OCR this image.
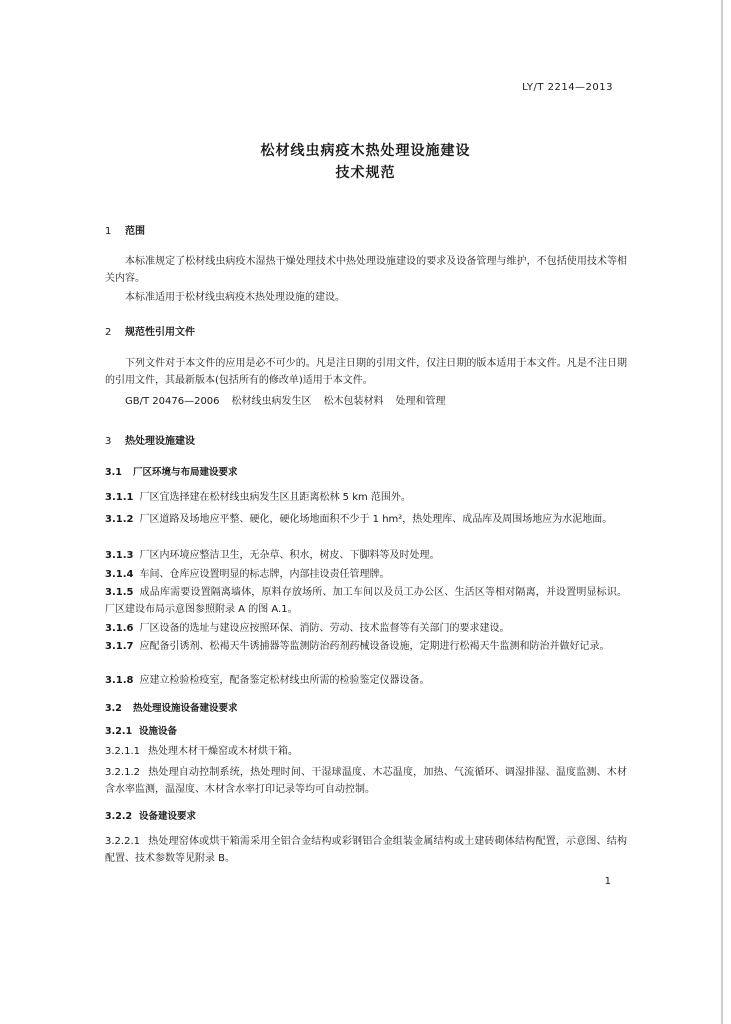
LY/T 2214—2013
松材线虫病疫木热处理设施建设
技术规范
1 范围
本标准规定了松材线虫病疫木湿热干燥处理技术中热处理设施建设的要求及设备管理与维护，不包括使用技术等相关内容。
本标准适用于松材线虫病疫木热处理设施的建设。
2 规范性引用文件
下列文件对于本文件的应用是必不可少的。凡是注日期的引用文件，仅注日期的版本适用于本文件。凡是不注日期的引用文件，其最新版本(包括所有的修改单)适用于本文件。
GB/T 20476—2006 松材线虫病发生区 松木包装材料 处理和管理
3 热处理设施建设
3.1 厂区环境与布局建设要求
3.1.1 厂区宜选择建在松材线虫病发生区且距离松林 5 km 范围外。
3.1.2 厂区道路及场地应平整、硬化，硬化场地面积不少于 1 hm²，热处理库、成品库及周围场地应为水泥地面。
3.1.3 厂区内环境应整洁卫生，无杂草、积水，树皮、下脚料等及时处理。
3.1.4 车间、仓库应设置明显的标志牌，内部挂设责任管理牌。
3.1.5 成品库需要设置隔离墙体，原料存放场所、加工车间以及员工办公区、生活区等相对隔离，并设置明显标识。厂区建设布局示意图参照附录 A 的图 A.1。
3.1.6 厂区设备的选址与建设应按照环保、消防、劳动、技术监督等有关部门的要求建设。
3.1.7 应配备引诱剂、松褐天牛诱捕器等监测防治药剂药械设备设施，定期进行松褐天牛监测和防治并做好记录。
3.1.8 应建立检验检疫室，配备鉴定松材线虫所需的检验鉴定仪器设备。
3.2 热处理设施设备建设要求
3.2.1 设施设备
3.2.1.1 热处理木材干燥窑或木材烘干箱。
3.2.1.2 热处理自动控制系统，热处理时间、干湿球温度、木芯温度，加热、气流循环、调湿排湿、温度监测、木材含水率监测，温湿度、木材含水率打印记录等均可自动控制。
3.2.2 设备建设要求
3.2.2.1 热处理窑体或烘干箱需采用全铝合金结构或彩钢铝合金组装金属结构或土建砖砌体结构配置，示意图、结构配置、技术参数等见附录 B。
1
